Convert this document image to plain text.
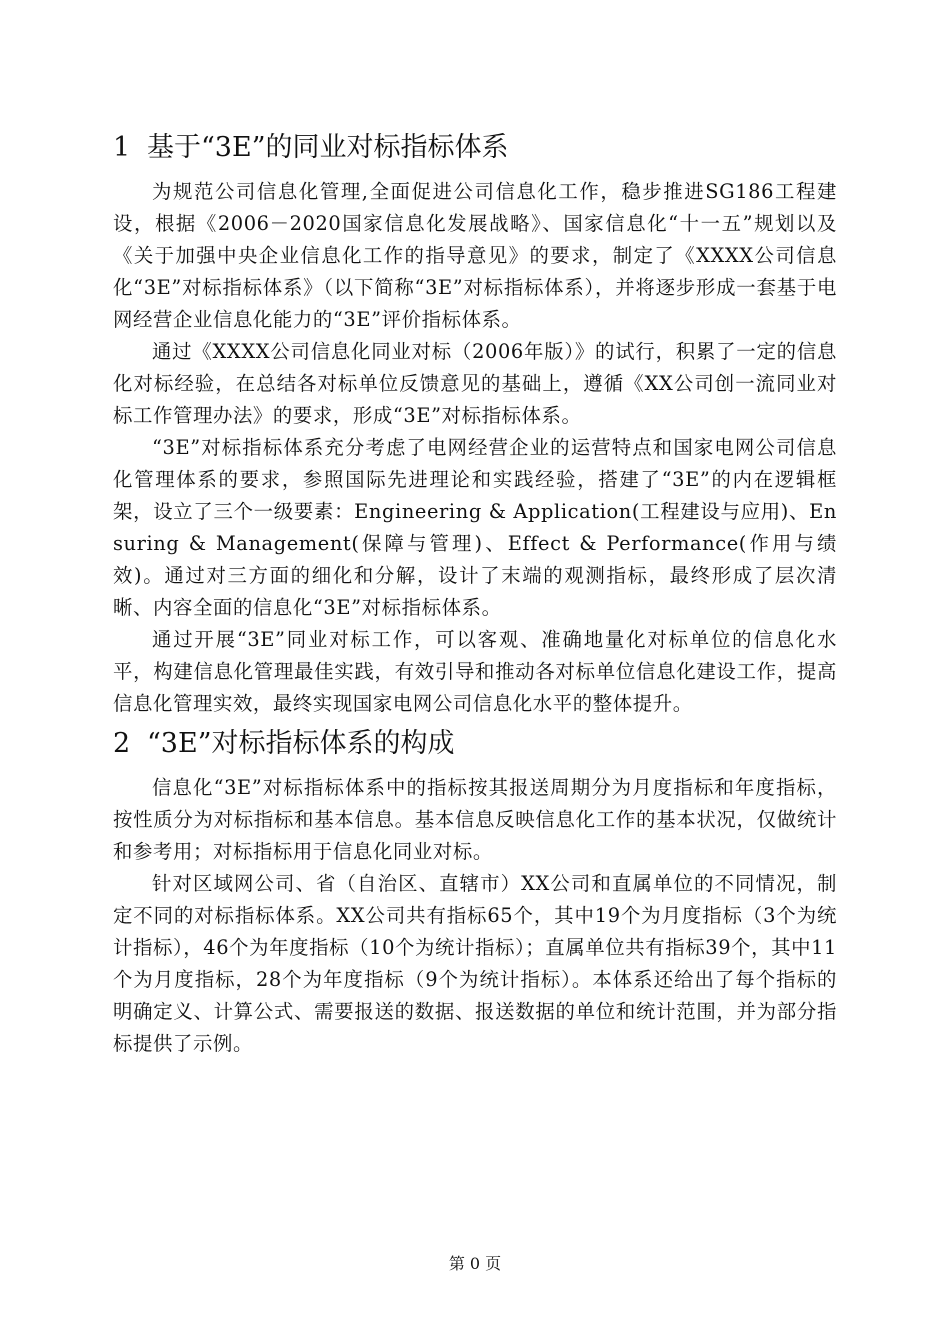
1 基于“3E”的同业对标指标体系

为规范公司信息化管理,全面促进公司信息化工作，稳步推进SG186工程建设，根据《2006－2020国家信息化发展战略》、国家信息化“十一五”规划以及《关于加强中央企业信息化工作的指导意见》的要求，制定了《XXXX公司信息化“3E”对标指标体系》（以下简称“3E”对标指标体系），并将逐步形成一套基于电网经营企业信息化能力的“3E”评价指标体系。

通过《XXXX公司信息化同业对标（2006年版）》的试行，积累了一定的信息化对标经验，在总结各对标单位反馈意见的基础上，遵循《XX公司创一流同业对标工作管理办法》的要求，形成“3E”对标指标体系。

“3E”对标指标体系充分考虑了电网经营企业的运营特点和国家电网公司信息化管理体系的要求，参照国际先进理论和实践经验，搭建了“3E”的内在逻辑框架，设立了三个一级要素：Engineering & Application(工程建设与应用)、Ensuring & Management(保障与管理)、Effect & Performance(作用与绩效)。通过对三方面的细化和分解，设计了末端的观测指标，最终形成了层次清晰、内容全面的信息化“3E”对标指标体系。

通过开展“3E”同业对标工作，可以客观、准确地量化对标单位的信息化水平，构建信息化管理最佳实践，有效引导和推动各对标单位信息化建设工作，提高信息化管理实效，最终实现国家电网公司信息化水平的整体提升。

2 “3E”对标指标体系的构成

信息化“3E”对标指标体系中的指标按其报送周期分为月度指标和年度指标，按性质分为对标指标和基本信息。基本信息反映信息化工作的基本状况，仅做统计和参考用；对标指标用于信息化同业对标。

针对区域网公司、省（自治区、直辖市）XX公司和直属单位的不同情况，制定不同的对标指标体系。XX公司共有指标65个，其中19个为月度指标（3个为统计指标），46个为年度指标（10个为统计指标）；直属单位共有指标39个，其中11个为月度指标，28个为年度指标（9个为统计指标）。本体系还给出了每个指标的明确定义、计算公式、需要报送的数据、报送数据的单位和统计范围，并为部分指标提供了示例。

第 0 页
